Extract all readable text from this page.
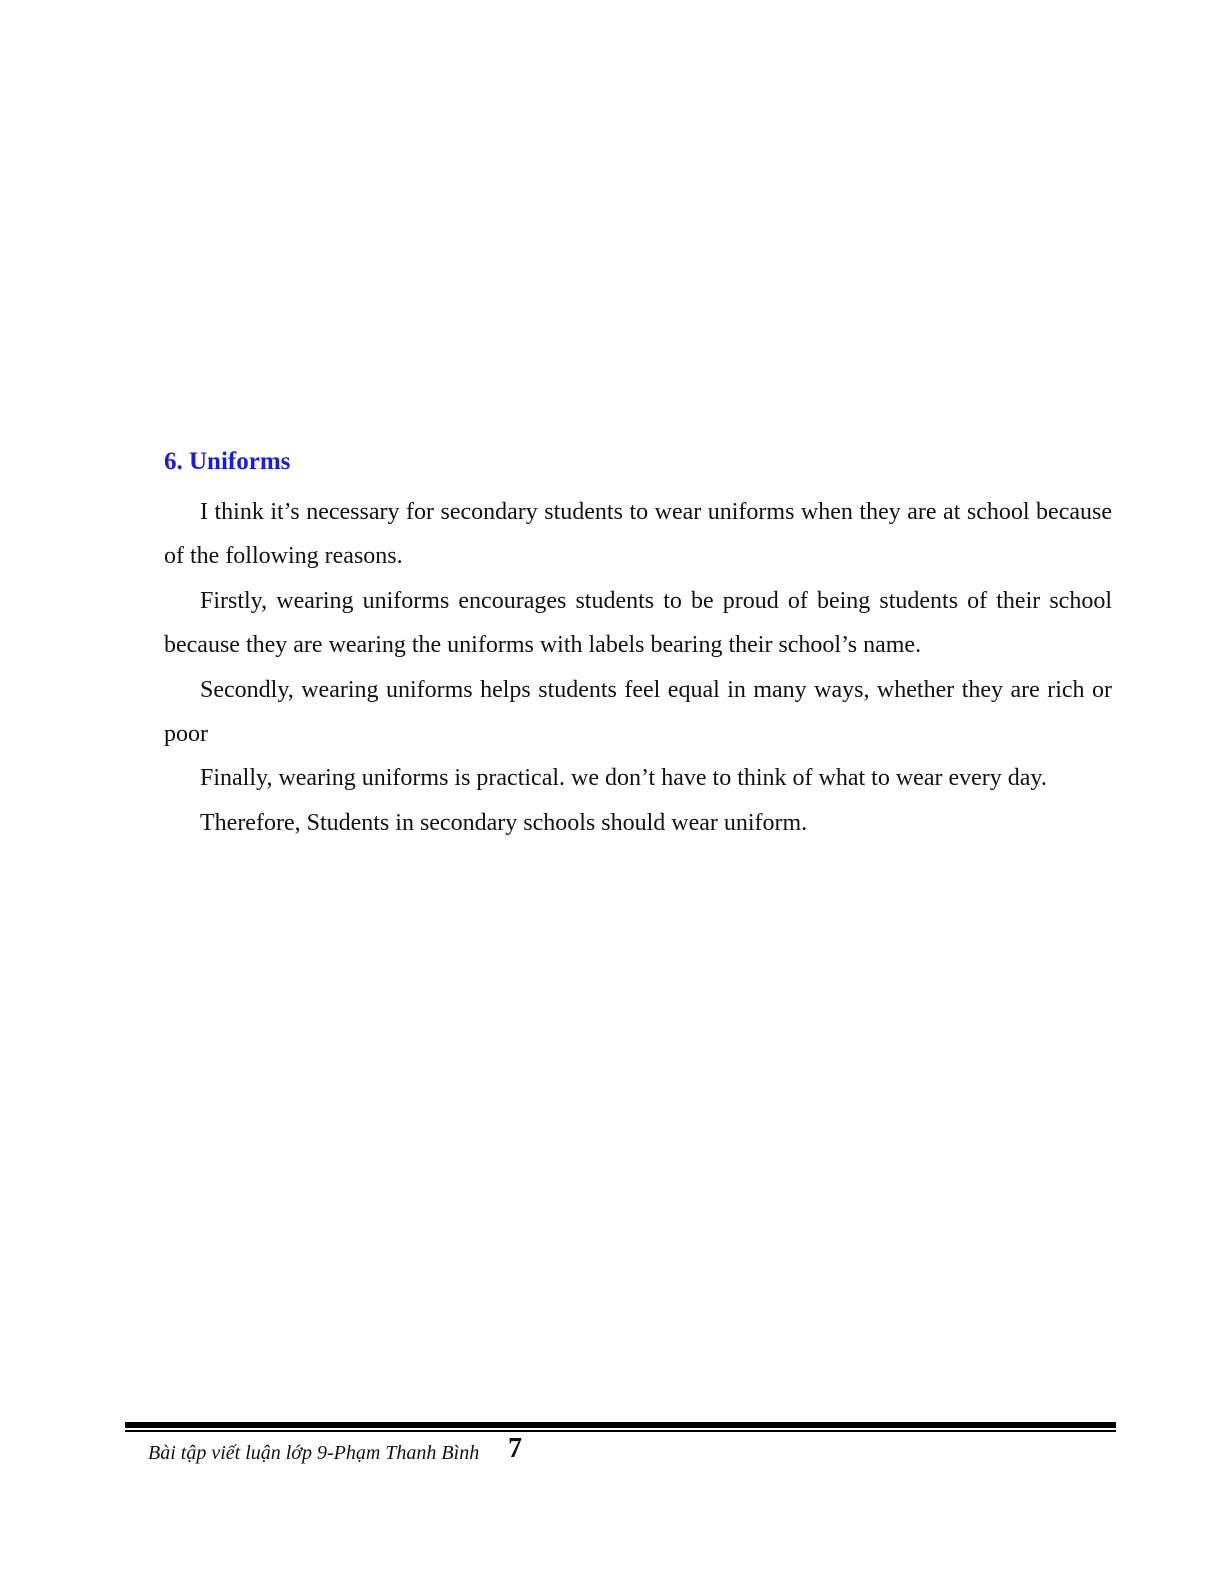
6. Uniforms

I think it’s necessary for secondary students to wear uniforms when they are at school because of the following reasons.

Firstly, wearing uniforms encourages students to be proud of being students of their school because they are wearing the uniforms with labels bearing their school’s name.

Secondly, wearing uniforms helps students feel equal in many ways, whether they are rich or poor

Finally, wearing uniforms is practical. we don’t have to think of what to wear every day.

Therefore, Students in secondary schools should wear uniform.

Bài tập viết luận lớp 9-Phạm Thanh Bình 7
